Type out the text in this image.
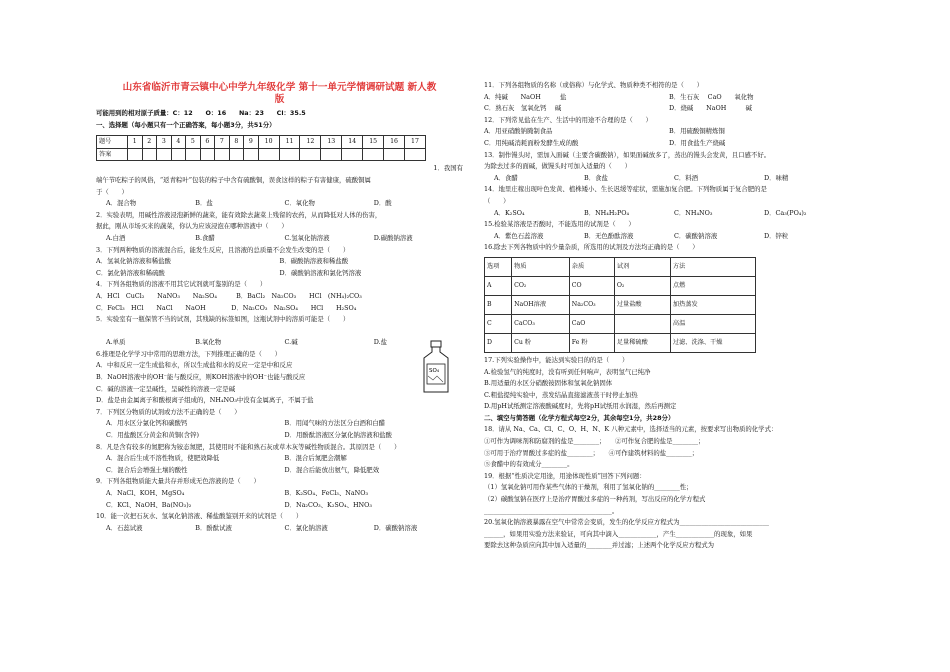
山东省临沂市青云镇中心中学九年级化学 第十一单元学情调研试题 新人教
版
可能用到的相对原子质量：C：12　　O：16　　Na：23　　Cl：35.5
一、选择题（每小题只有一个正确答案，每小题3分，共51分）
题号	1	2	3	4	5	6	7	8	9	10	11	12	13	14	15	16	17
答案																	
1．我国有
端午节吃粽子的风俗，“返青粽叶”包装的粽子中含有硫酸铜，误食这样的粽子有害健康，硫酸铜属
于（　　）
A．混合物	B．盐	C．氧化物	D．酸
2．实验表明，用碱性溶液浸泡新鲜的蔬菜，能有效除去蔬菜上残留的农药，从而降低对人体的伤害，
据此，刚从市场买来的蔬菜，你认为应该浸泡在哪种溶液中（　　）
A.白酒	B.食醋	C.氢氧化钠溶液	D.碳酸钠溶液
3．下列两种物质的溶液混合后，能发生反应，且溶液的总质量不会发生改变的是（　　）
A．氢氧化钠溶液和稀盐酸	B．碳酸钠溶液和稀盐酸
C．氯化钠溶液和稀硫酸	D．碳酸钠溶液和氯化钙溶液
4．下列各组物质的溶液不用其它试剂就可鉴别的是（　　）
A．HCl　CuCl₂　　NaNO₃　　Na₂SO₄　　　B．BaCl₂　Na₂CO₃　　HCl　(NH₄)₂CO₃
C．FeCl₃　HCl　　NaCl　　NaOH　　　　D．Na₂CO₃　Na₂SO₄　　HCl　　H₂SO₄
5．实验室有一瓶保管不当的试剂，其残缺的标签如图，这瓶试剂中的溶质可能是（　　）
A.单质	B.氧化物	C.碱	D.盐
6.推理是化学学习中常用的思维方法，下列推理正确的是（　　）
A．中和反应一定生成盐和水，所以生成盐和水的反应一定是中和反应
B．NaOH溶液中的OH⁻能与酸反应，则KOH溶液中的OH⁻也能与酸反应
C．碱的溶液一定呈碱性，呈碱性的溶液一定是碱
D．盐是由金属离子和酸根离子组成的，NH₄NO₃中没有金属离子，不属于盐
7．下列区分物质的试剂或方法不正确的是（　　）
A．用水区分氯化钙和碳酸钙	B．用闻气味的方法区分白酒和白醋
C．用盐酸区分黄金和黄铜(含锌)	D．用酚酞溶液区分氯化钠溶液和盐酸
8．凡是含有较多的氮肥称为铵态氮肥，其使用时不能和熟石灰或草木灰等碱性物质混合。其原因是（　　）
A．混合后生成不溶性物质，使肥效降低	B．混合后氮肥会潮解
C．混合后会增强土壤的酸性	D．混合后能放出氨气，降低肥效
9．下列各组物质能大量共存并形成无色溶液的是（　　）
A．NaCl、KOH、MgSO₄	B．K₂SO₄、FeCl₃、NaNO₃
C．KCl、NaOH、Ba(NO₃)₂	D．Na₂CO₃、K₂SO₄、HNO₃
10．能一次把石灰水、氢氧化钠溶液、稀盐酸鉴别开来的试剂是（　　）
A．石蕊试液	B．酚酞试液	C．氯化钠溶液	D．碳酸钠溶液
SO₄
11．下列各组物质的名称（或俗称）与化学式、物质种类不相符的是（　　）
A．纯碱　　NaOH　　　盐	B．生石灰　 CaO　　氧化物
C．熟石灰　氢氧化钙　 碱	D．烧碱　　NaOH　　　碱
12．下列常见盐在生产、生活中的用途不合理的是（　　）
A．用亚硝酸钠腌制食品	B．用硫酸铜精炼铜
C．用纯碱消耗面粉发酵生成的酸	D．用食盐生产烧碱
13．制作馒头时，需加入面碱（主要含碳酸钠），如果面碱放多了，蒸出的馒头会发黄，且口感不好。
为除去过多的面碱，做馒头时可加入适量的（　　）
A．食醋	B．食盐	C．料酒	D．味精
14．地里庄稼出现叶色发黄、植株矮小、生长迟缓等症状，需施加复合肥。下列物质属于复合肥的是
（　　）
A．K₂SO₄	B．NH₄H₂PO₄	C．NH₄NO₃	D．Ca₃(PO₄)₂
15.检验某溶液是否酸时，不能选用的试剂是（　　）
A．紫色石蕊溶液	B．无色酚酞溶液	C．碳酸钠溶液	D．锌粒
16.除去下列各物质中的少量杂质，所选用的试剂及方法均正确的是（　　）
选项	物质	杂质	试剂	方法
A	CO₂	CO	O₂	点燃
B	NaOH溶液	Na₂CO₃	过量盐酸	加热蒸发
C	CaCO₃	CaO		高温
D	Cu 粉	Fe 粉	足量稀硫酸	过滤、洗涤、干燥
17.下列实验操作中，能达到实验目的的是（　　）
A.检验氢气的纯度时，没有听到任何响声，表明氢气已纯净
B.用适量的水区分硝酸铵固体和氢氧化钠固体
C.粗盐提纯实验中，蒸发结晶直接滤液蒸干时停止加热
D.用pH试纸测定溶液酸碱度时，先将pH试纸用水润湿，然后再测定
二、填空与简答题（化学方程式每空2分，其余每空1分，共28分）
18．请从 Na、Ca、Cl、C、O、H、N、K 八种元素中，选择适当的元素，按要求写出物质的化学式：
①可作为调味剂和防腐剂的盐是________；　　②可作复合肥的盐是________；
③可用于治疗胃酸过多症的盐________；　　④可作建筑材料的盐________；
⑤食醋中的有效成分________。
19．根据“性质决定用途，用途体现性质”回答下列问题：
（1）氢氧化钠可用作某些气体的干燥剂，利用了氢氧化钠的________性；
（2）碳酸氢钠在医疗上是治疗胃酸过多症的一种药剂，写出反应的化学方程式
________________________________________。
20.氢氧化钠溶液暴露在空气中常常会变质，发生的化学反应方程式为____________________________
______，如果用实验方法来验证，可向其中滴入____________，产生____________的现象，如果
要除去这种杂质应向其中加入适量的________并过滤；上述两个化学反应方程式为
